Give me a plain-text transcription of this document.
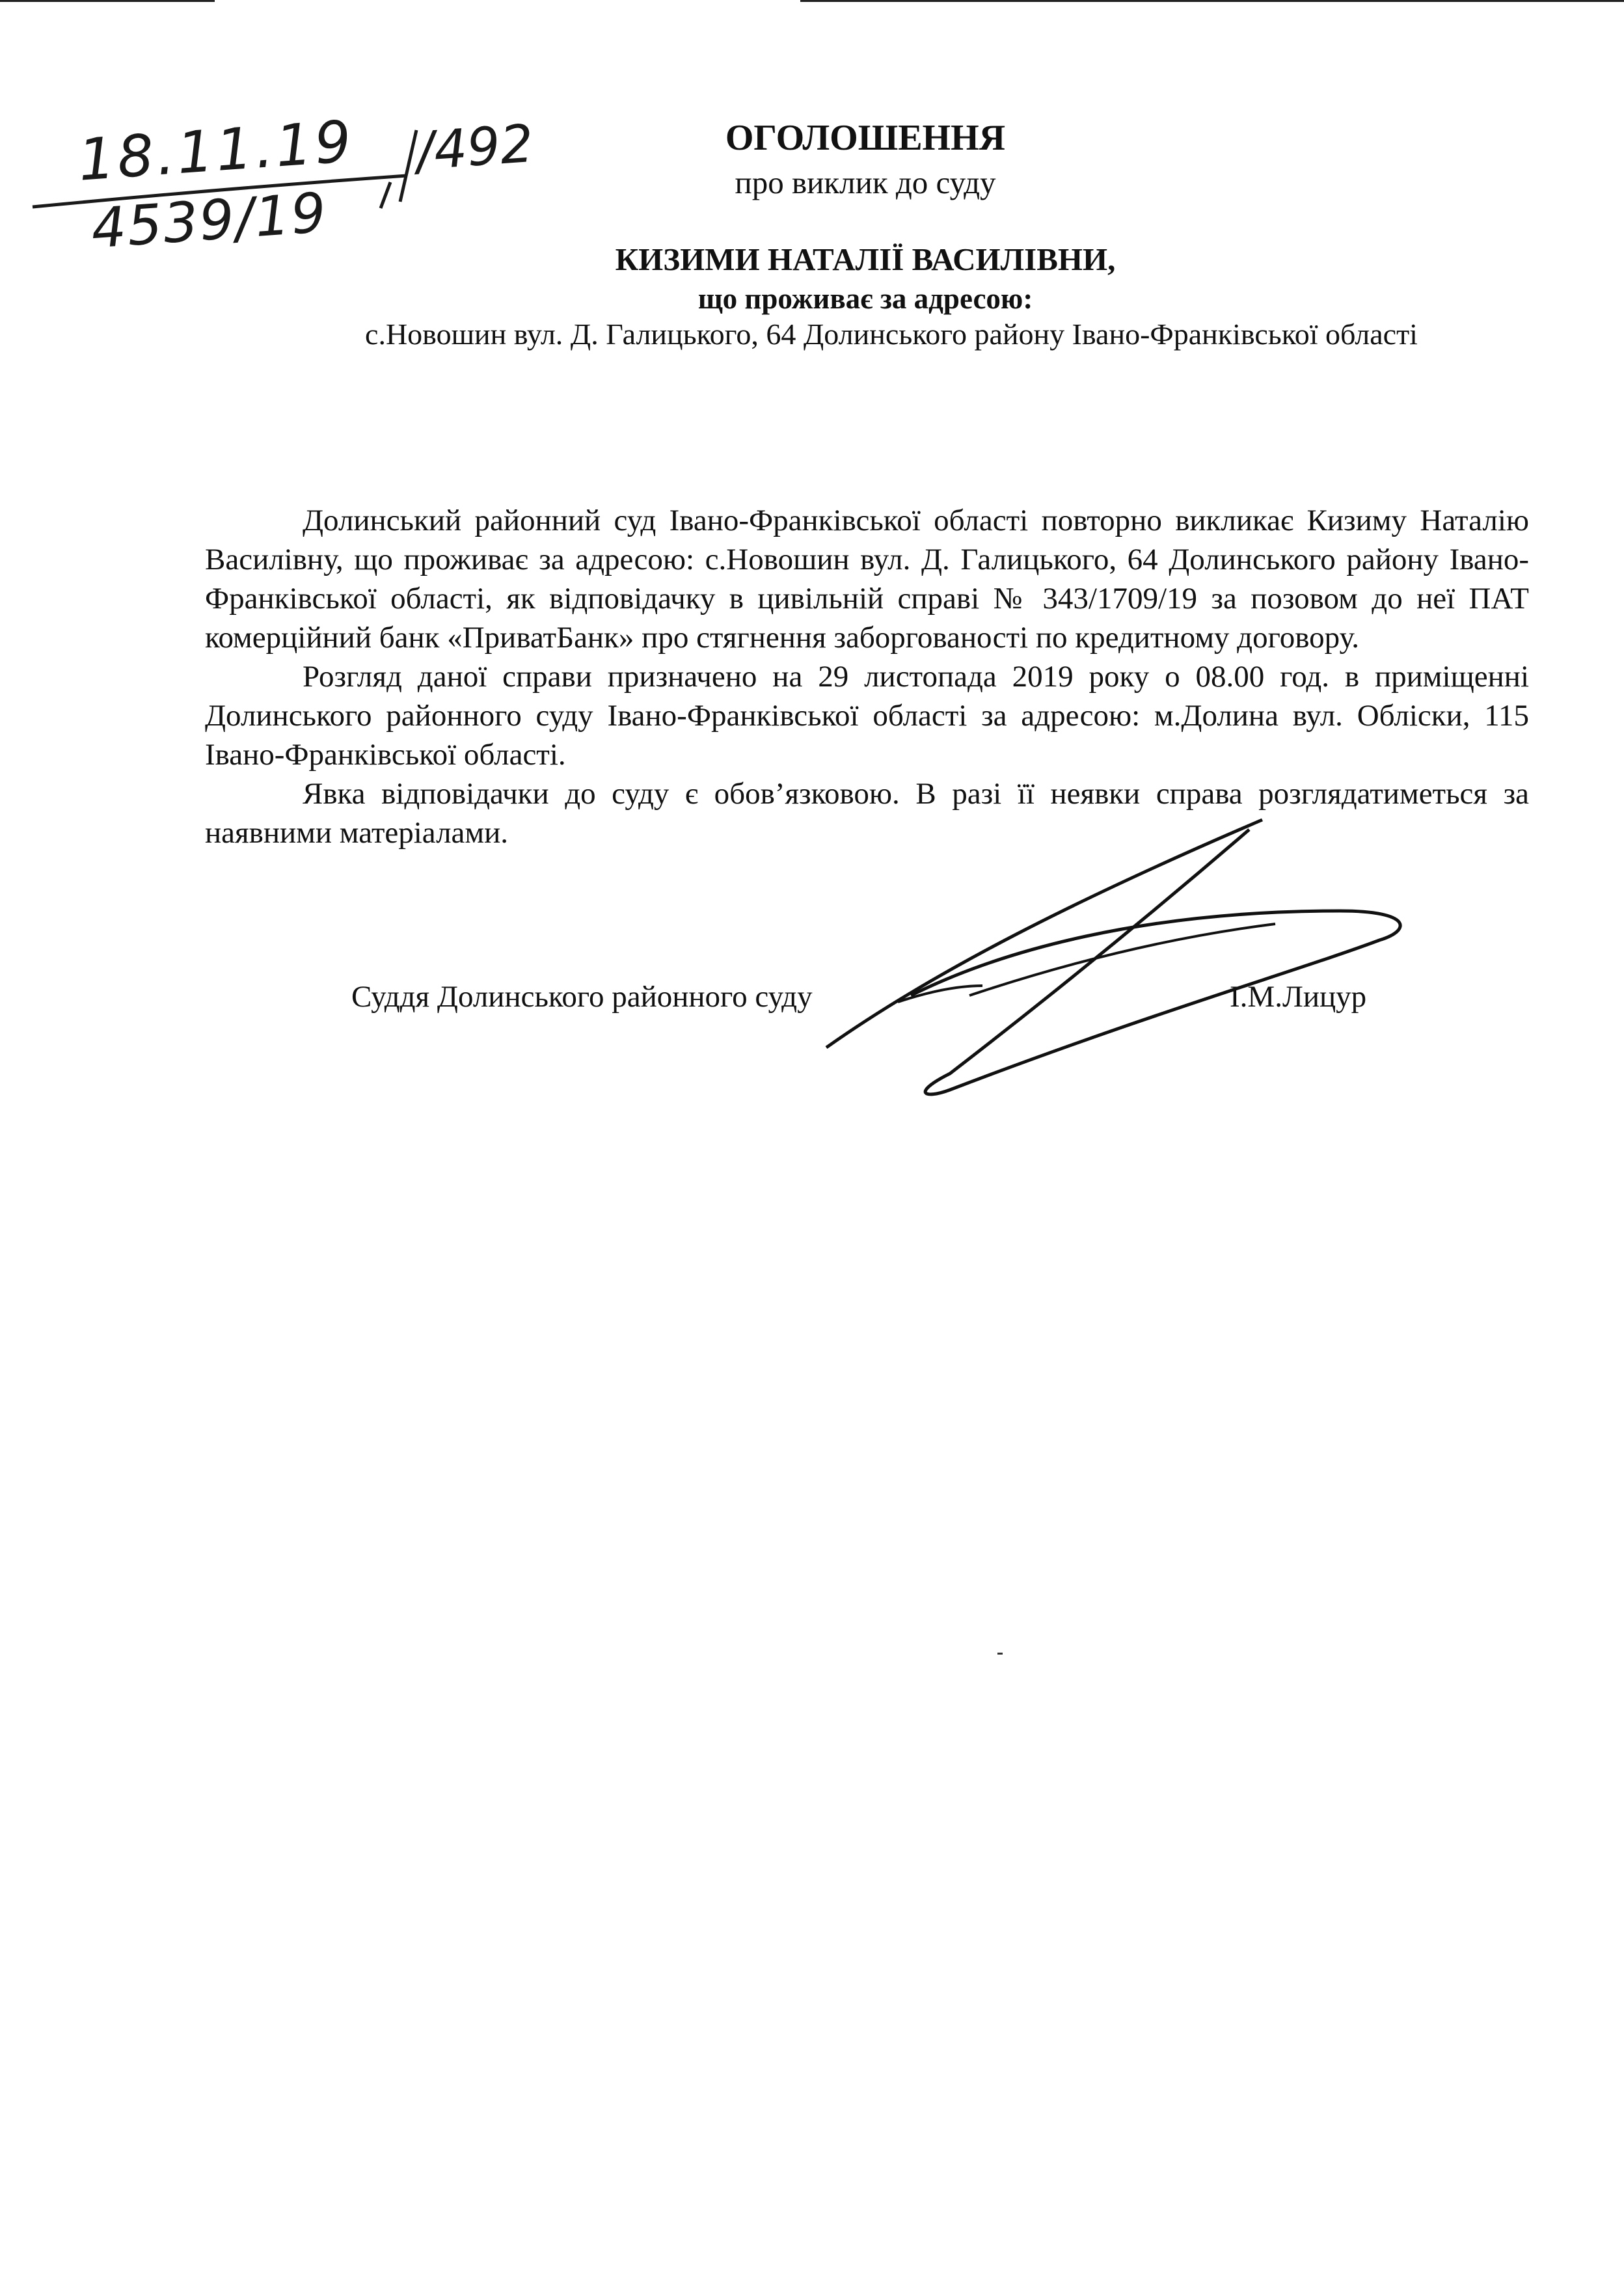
18.11.19 /492
4539/19
ОГОЛОШЕННЯ
про виклик до суду
КИЗИМИ НАТАЛІЇ ВАСИЛІВНИ,
що проживає за адресою:
с.Новошин вул. Д. Галицького, 64 Долинського району Івано-Франківської області

Долинський районний суд Івано-Франківської області повторно викликає Кизиму Наталію Василівну, що проживає за адресою: с.Новошин вул. Д. Галицького, 64 Долинського району Івано-Франківської області, як відповідачку в цивільній справі № 343/1709/19 за позовом до неї ПАТ комерційний банк «ПриватБанк» про стягнення заборгованості по кредитному договору.

Розгляд даної справи призначено на 29 листопада 2019 року о 08.00 год. в приміщенні Долинського районного суду Івано-Франківської області за адресою: м.Долина вул. Обліски, 115 Івано-Франківської області.

Явка відповідачки до суду є обов’язковою. В разі її неявки справа розглядатиметься за наявними матеріалами.

Суддя Долинського районного суду	І.М.Лицур
